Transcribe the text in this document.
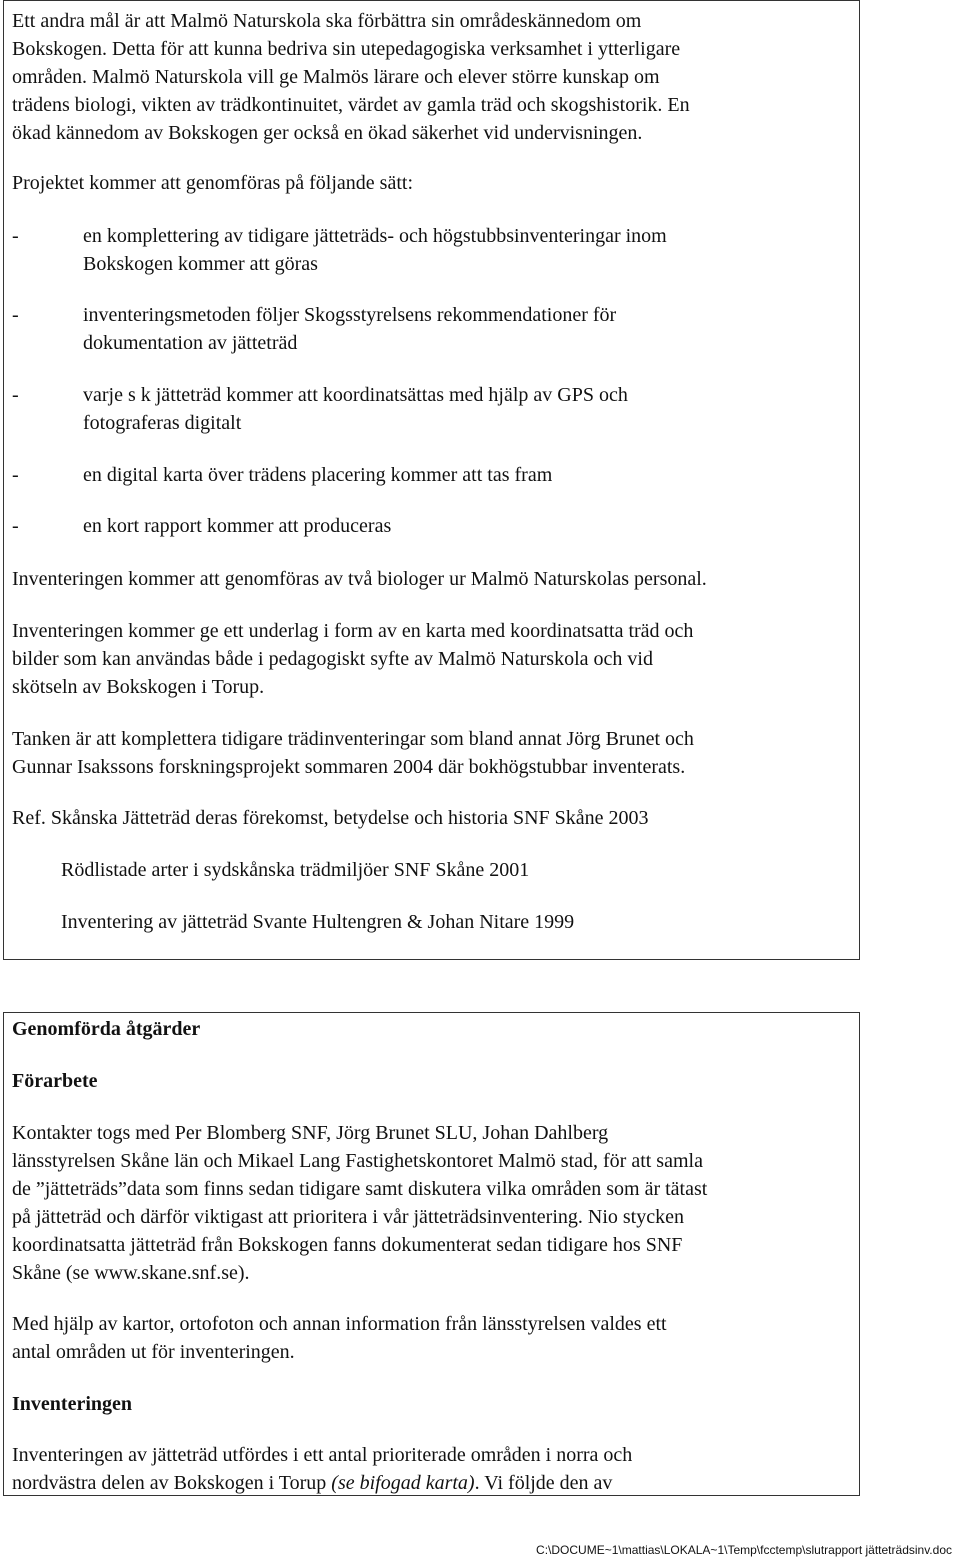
Ett andra mål är att Malmö Naturskola ska förbättra sin områdeskännedom om
Bokskogen. Detta för att kunna bedriva sin utepedagogiska verksamhet i ytterligare
områden. Malmö Naturskola vill ge Malmös lärare och elever större kunskap om
trädens biologi, vikten av trädkontinuitet, värdet av gamla träd och skogshistorik. En
ökad kännedom av Bokskogen ger också en ökad säkerhet vid undervisningen.
Projektet kommer att genomföras på följande sätt:
-	en komplettering av tidigare jätteträds- och högstubbsinventeringar inom
Bokskogen kommer att göras
-	inventeringsmetoden följer Skogsstyrelsens rekommendationer för
dokumentation av jätteträd
-	varje s k jätteträd kommer att koordinatsättas med hjälp av GPS och
fotograferas digitalt
-	en digital karta över trädens placering kommer att tas fram
-	en kort rapport kommer att produceras
Inventeringen kommer att genomföras av två biologer ur Malmö Naturskolas personal.
Inventeringen kommer ge ett underlag i form av en karta med koordinatsatta träd och
bilder som kan användas både i pedagogiskt syfte av Malmö Naturskola och vid
skötseln av Bokskogen i Torup.
Tanken är att komplettera tidigare trädinventeringar som bland annat Jörg Brunet och
Gunnar Isakssons forskningsprojekt sommaren 2004 där bokhögstubbar inventerats.
Ref. Skånska Jätteträd deras förekomst, betydelse och historia SNF Skåne 2003
Rödlistade arter i sydskånska trädmiljöer SNF Skåne 2001
Inventering av jätteträd Svante Hultengren & Johan Nitare 1999
Genomförda åtgärder
Förarbete
Kontakter togs med Per Blomberg SNF, Jörg Brunet SLU, Johan Dahlberg
länsstyrelsen Skåne län och Mikael Lang Fastighetskontoret Malmö stad, för att samla
de ”jätteträds”data som finns sedan tidigare samt diskutera vilka områden som är tätast
på jätteträd och därför viktigast att prioritera i vår jätteträdsinventering. Nio stycken
koordinatsatta jätteträd från Bokskogen fanns dokumenterat sedan tidigare hos SNF
Skåne (se www.skane.snf.se).
Med hjälp av kartor, ortofoton och annan information från länsstyrelsen valdes ett
antal områden ut för inventeringen.
Inventeringen
Inventeringen av jätteträd utfördes i ett antal prioriterade områden i norra och
nordvästra delen av Bokskogen i Torup (se bifogad karta). Vi följde den av
C:\DOCUME~1\mattias\LOKALA~1\Temp\fcctemp\slutrapport jätteträdsinv.doc
